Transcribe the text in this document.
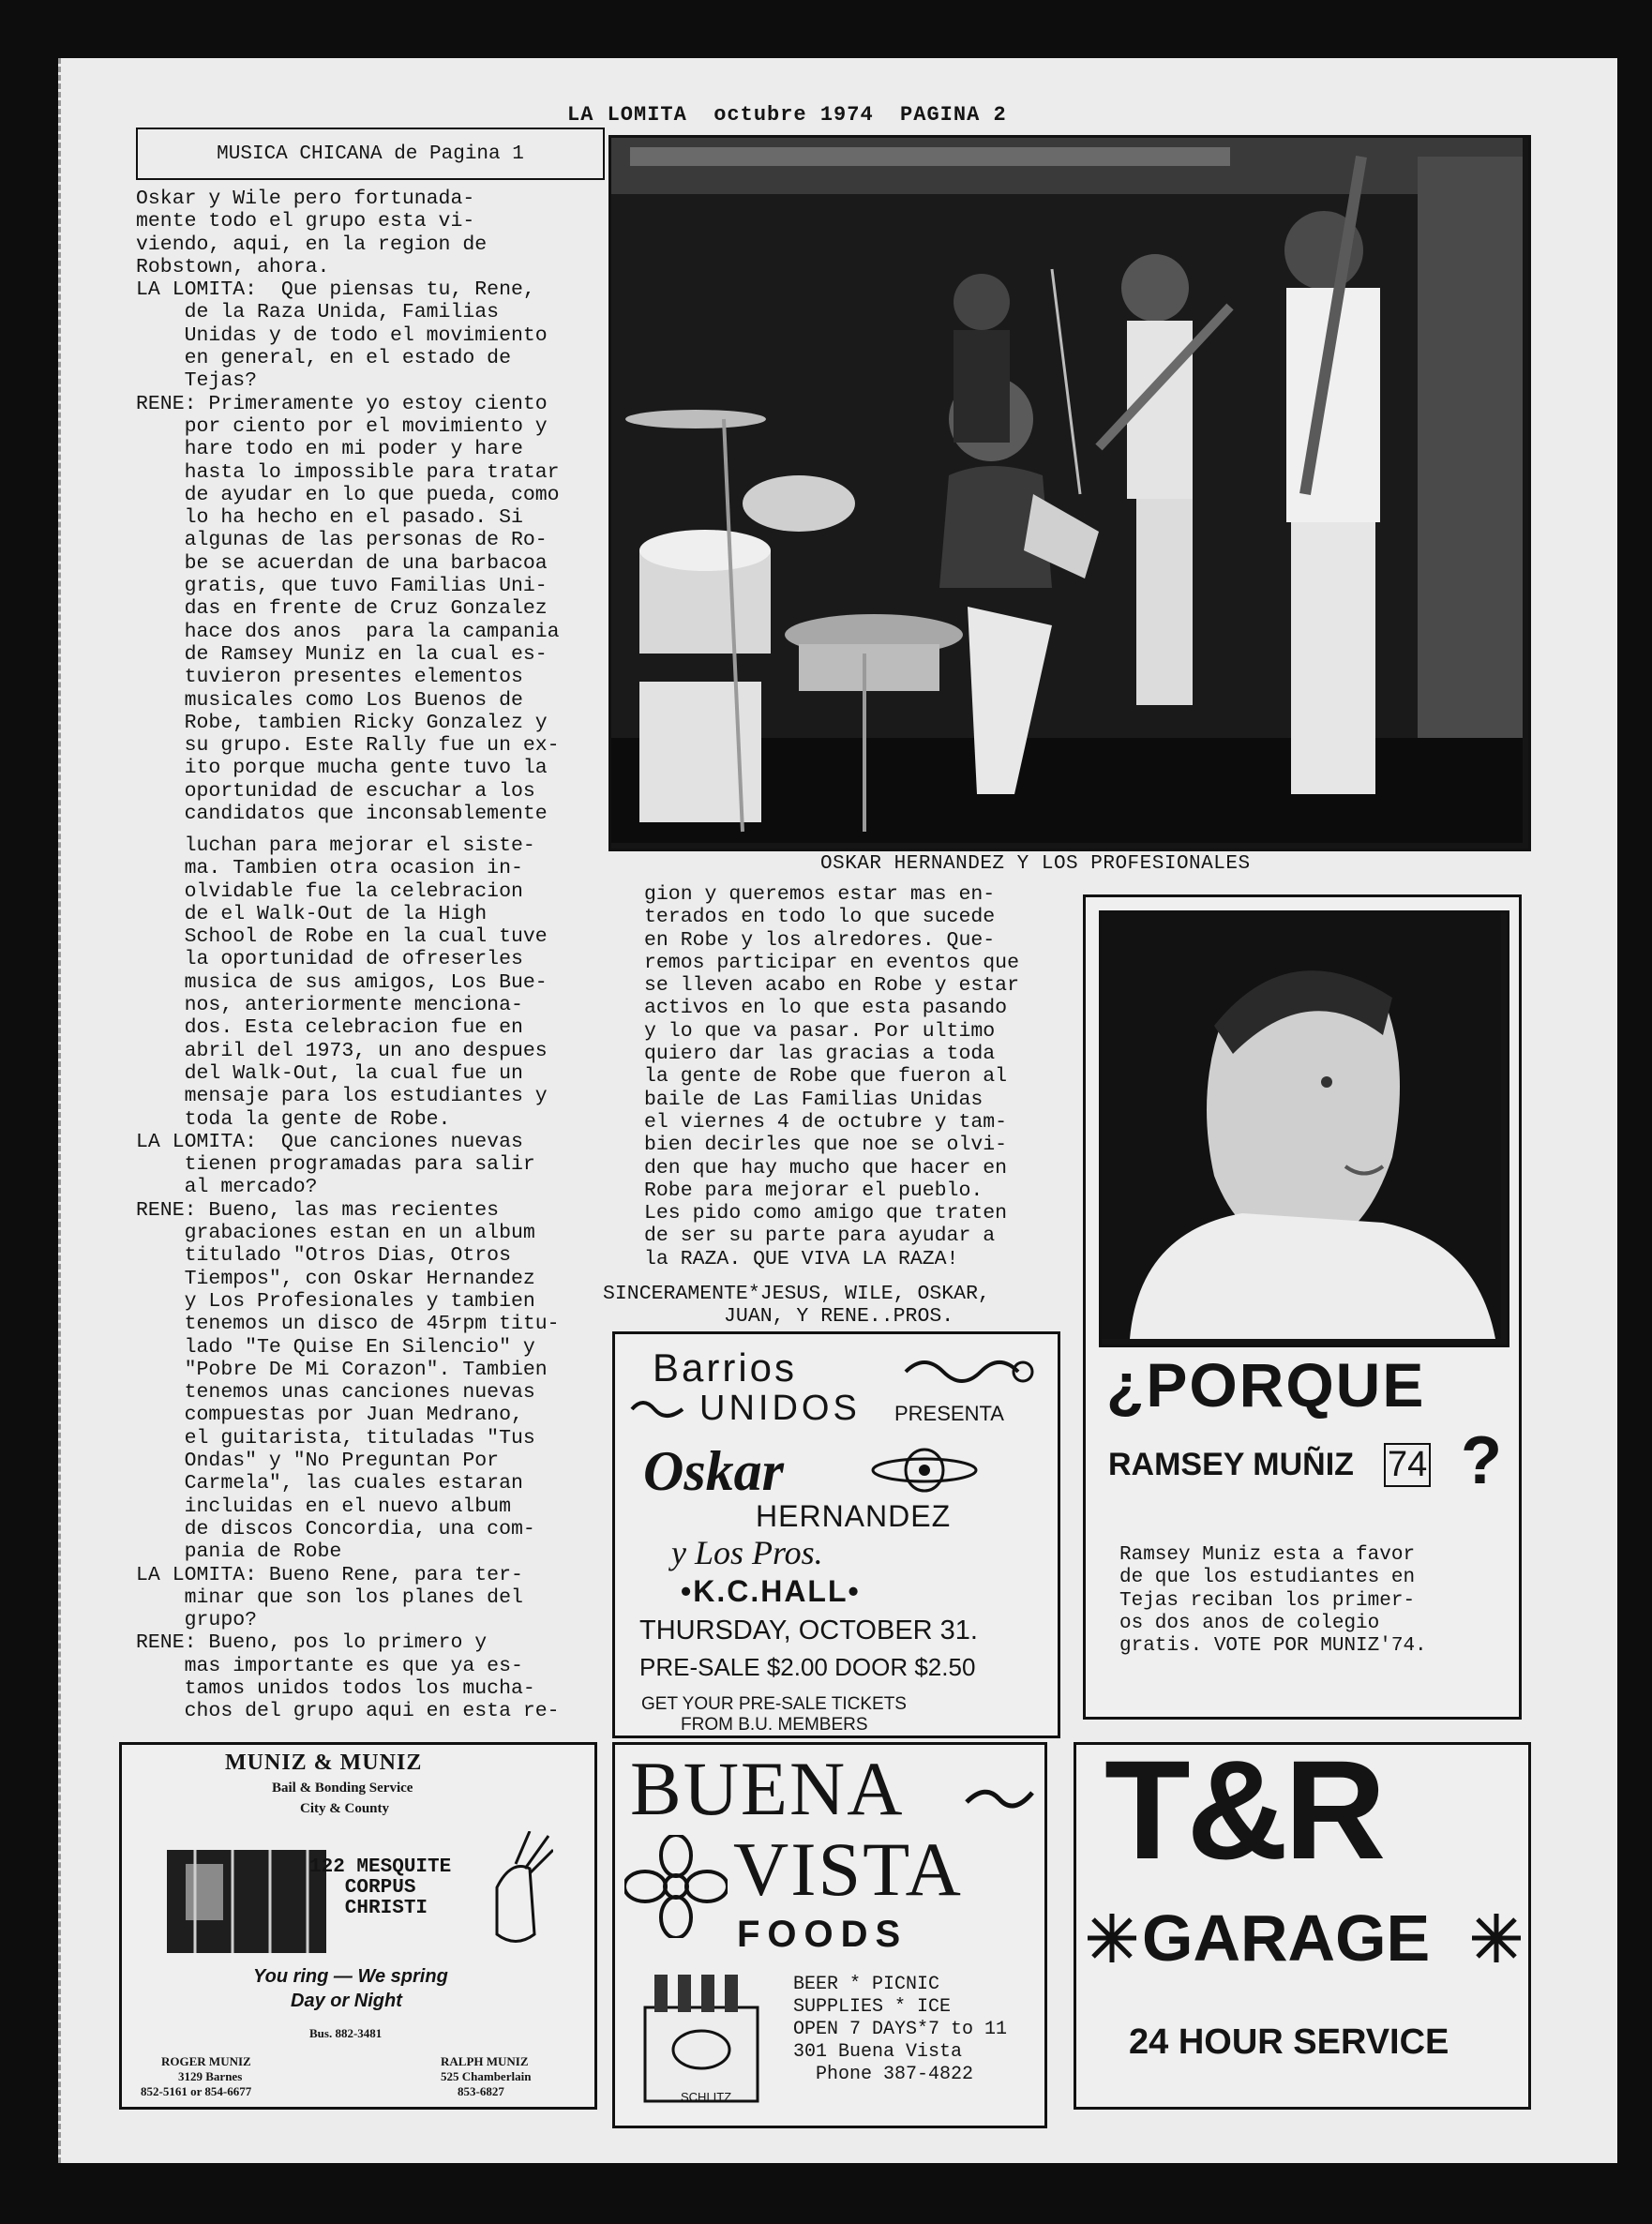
LA LOMITA  octubre 1974  PAGINA 2
MUSICA CHICANA de Pagina 1
Oskar y Wile pero fortunada-
mente todo el grupo esta vi-
viendo, aqui, en la region de
Robstown, ahora.
LA LOMITA:  Que piensas tu, Rene,
de la Raza Unida, Familias
Unidas y de todo el movimiento
en general, en el estado de
Tejas?
RENE: Primeramente yo estoy ciento
por ciento por el movimiento y
hare todo en mi poder y hare
hasta lo impossible para tratar
de ayudar en lo que pueda, como
lo ha hecho en el pasado. Si
algunas de las personas de Ro-
be se acuerdan de una barbacoa
gratis, que tuvo Familias Uni-
das en frente de Cruz Gonzalez
hace dos anos  para la campania
de Ramsey Muniz en la cual es-
tuvieron presentes elementos
musicales como Los Buenos de
Robe, tambien Ricky Gonzalez y
su grupo. Este Rally fue un ex-
ito porque mucha gente tuvo la
oportunidad de escuchar a los
candidatos que inconsablemente
luchan para mejorar el siste-
ma. Tambien otra ocasion in-
olvidable fue la celebracion
de el Walk-Out de la High
School de Robe en la cual tuve
la oportunidad de ofreserles
musica de sus amigos, Los Bue-
nos, anteriormente menciona-
dos. Esta celebracion fue en
abril del 1973, un ano despues
del Walk-Out, la cual fue un
mensaje para los estudiantes y
toda la gente de Robe.
LA LOMITA:  Que canciones nuevas
tienen programadas para salir
al mercado?
RENE: Bueno, las mas recientes
grabaciones estan en un album
titulado "Otros Dias, Otros
Tiempos", con Oskar Hernandez
y Los Profesionales y tambien
tenemos un disco de 45rpm titu-
lado "Te Quise En Silencio" y
"Pobre De Mi Corazon". Tambien
tenemos unas canciones nuevas
compuestas por Juan Medrano,
el guitarista, tituladas "Tus
Ondas" y "No Preguntan Por
Carmela", las cuales estaran
incluidas en el nuevo album
de discos Concordia, una com-
pania de Robe
LA LOMITA: Bueno Rene, para ter-
minar que son los planes del
grupo?
RENE: Bueno, pos lo primero y
mas importante es que ya es-
tamos unidos todos los mucha-
chos del grupo aqui en esta re-
OSKAR HERNANDEZ Y LOS PROFESIONALES
gion y queremos estar mas en-
terados en todo lo que sucede
en Robe y los alredores. Que-
remos participar en eventos que
se lleven acabo en Robe y estar
activos en lo que esta pasando
y lo que va pasar. Por ultimo
quiero dar las gracias a toda
la gente de Robe que fueron al
baile de Las Familias Unidas
el viernes 4 de octubre y tam-
bien decirles que noe se olvi-
den que hay mucho que hacer en
Robe para mejorar el pueblo.
Les pido como amigo que traten
de ser su parte para ayudar a
la RAZA. QUE VIVA LA RAZA!
SINCERAMENTE*JESUS, WILE, OSKAR,
JUAN, Y RENE..PROS.
Barrios
UNIDOS PRESENTA
Oskar
HERNANDEZ
y Los Pros.
•K.C.HALL•
THURSDAY, OCTOBER 31.
PRE-SALE $2.00 DOOR $2.50
GET YOUR PRE-SALE TICKETS
FROM B.U. MEMBERS
¿PORQUE
RAMSEY MUÑIZ 74 ?
Ramsey Muniz esta a favor
de que los estudiantes en
Tejas reciban los primer-
os dos anos de colegio
gratis. VOTE POR MUNIZ'74.
MUNIZ & MUNIZ
Bail & Bonding Service
City & County
122 MESQUITE
CORPUS
CHRISTI
You ring — We spring
Day or Night
Bus. 882-3481
ROGER MUNIZ
3129 Barnes
852-5161 or 854-6677
RALPH MUNIZ
525 Chamberlain
853-6827
BUENA
VISTA
FOODS
SCHLITZ
BEER * PICNIC
SUPPLIES * ICE
OPEN 7 DAYS*7 to 11
301 Buena Vista
Phone 387-4822
T&R
GARAGE
24 HOUR SERVICE
